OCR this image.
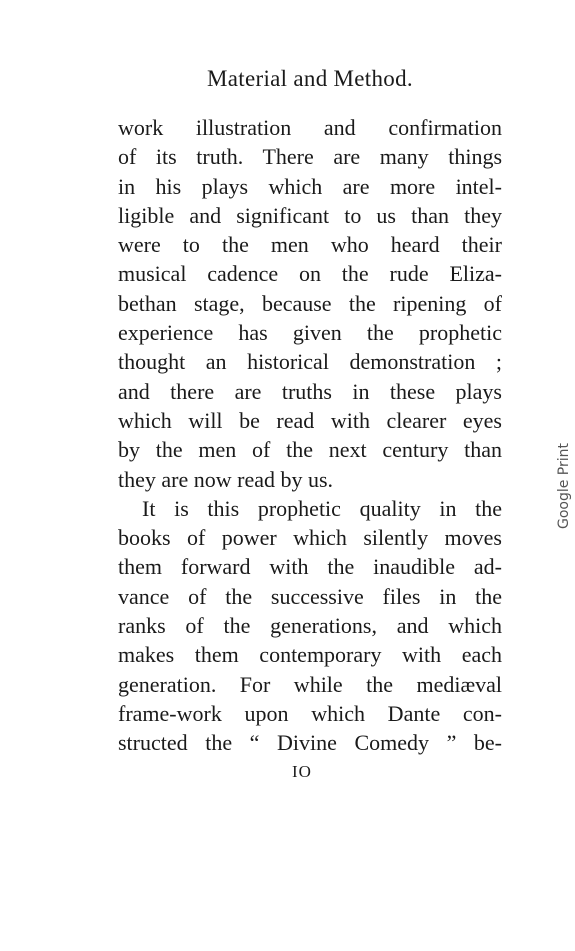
Material and Method.
work illustration and confirmation
of its truth. There are many things
in his plays which are more intel-
ligible and significant to us than they
were to the men who heard their
musical cadence on the rude Eliza-
bethan stage, because the ripening of
experience has given the prophetic
thought an historical demonstration ;
and there are truths in these plays
which will be read with clearer eyes
by the men of the next century than
they are now read by us.
It is this prophetic quality in the
books of power which silently moves
them forward with the inaudible ad-
vance of the successive files in the
ranks of the generations, and which
makes them contemporary with each
generation. For while the mediæval
frame-work upon which Dante con-
structed the “ Divine Comedy ” be-
IO
Google Print
